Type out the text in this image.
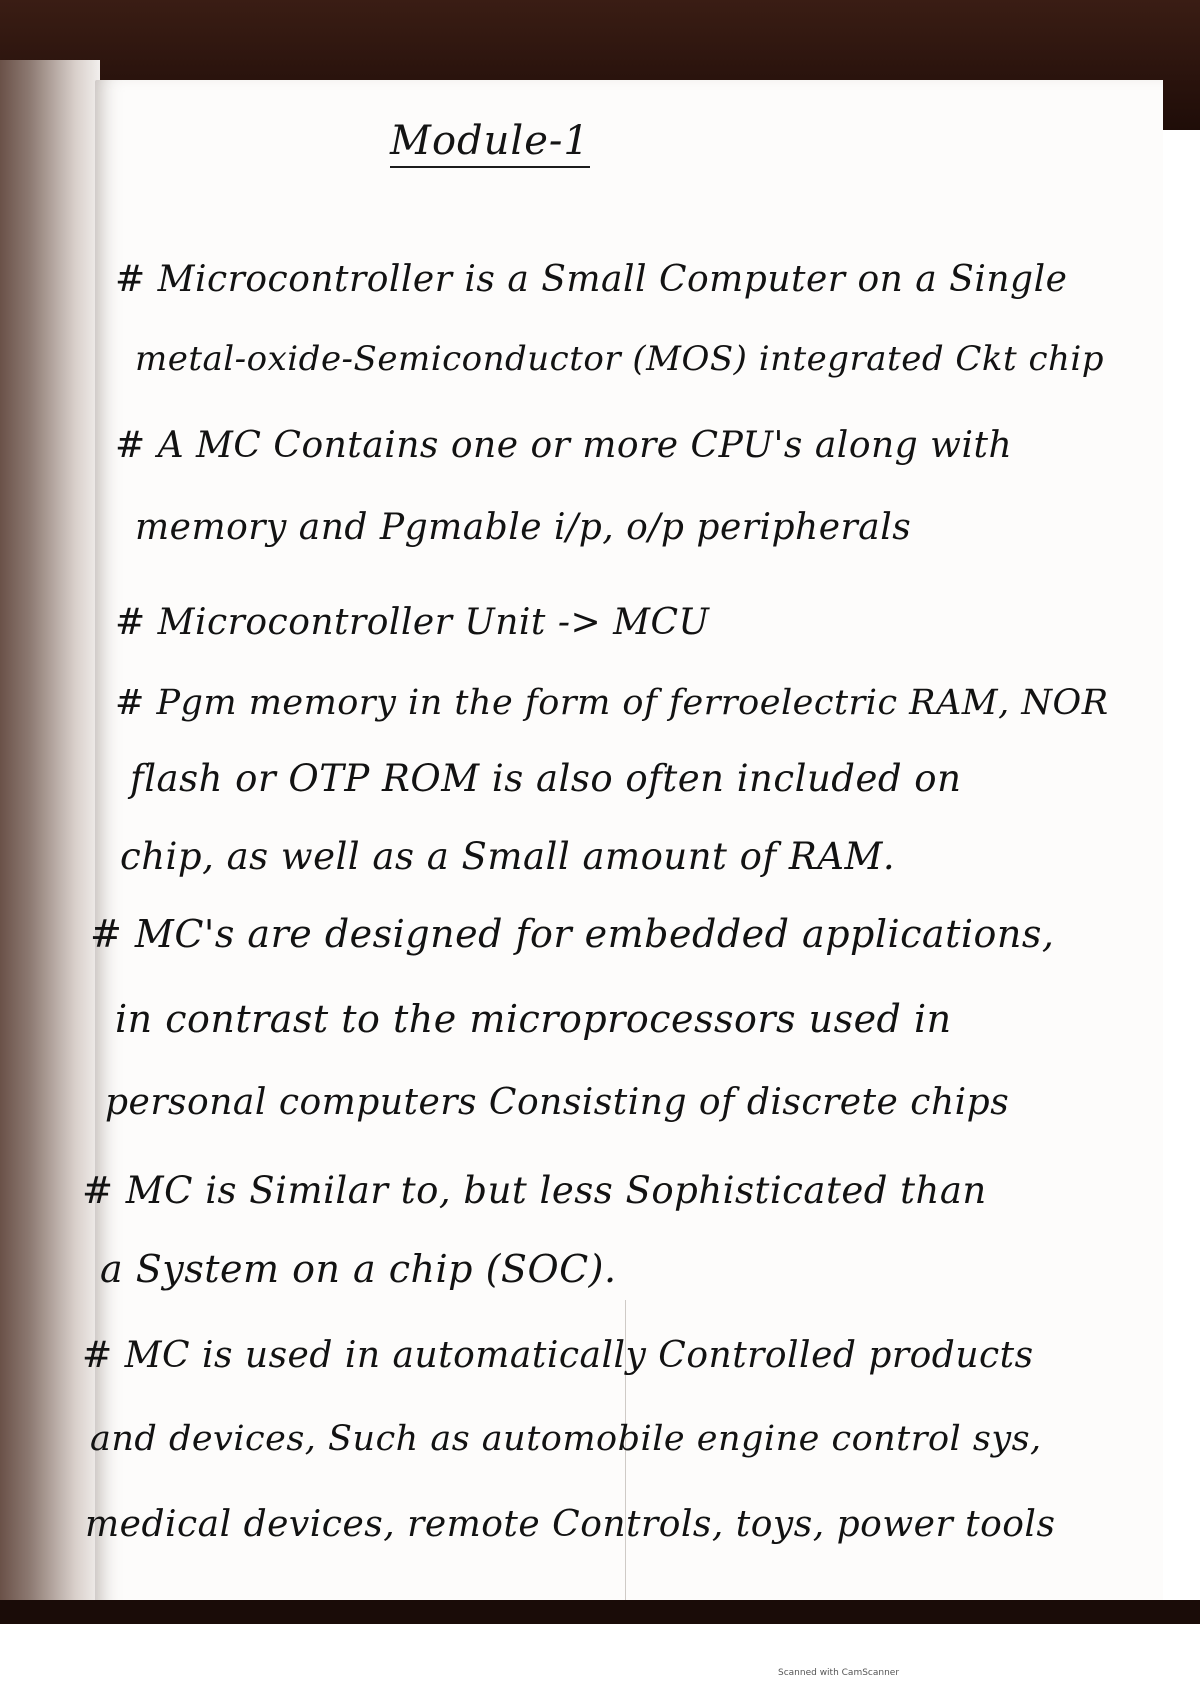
Module-1
# Microcontroller is a Small Computer on a Single
metal-oxide-Semiconductor (MOS) integrated Ckt chip
# A MC Contains one or more CPU's along with
memory and Pgmable i/p, o/p peripherals
# Microcontroller Unit -> MCU
# Pgm memory in the form of ferroelectric RAM, NOR
flash or OTP ROM is also often included on
chip, as well as a Small amount of RAM.
# MC's are designed for embedded applications,
in contrast to the microprocessors used in
personal computers Consisting of discrete chips
# MC is Similar to, but less Sophisticated than
a System on a chip (SOC).
# MC is used in automatically Controlled products
and devices, Such as automobile engine control sys,
medical devices, remote Controls, toys, power tools
Scanned with CamScanner
